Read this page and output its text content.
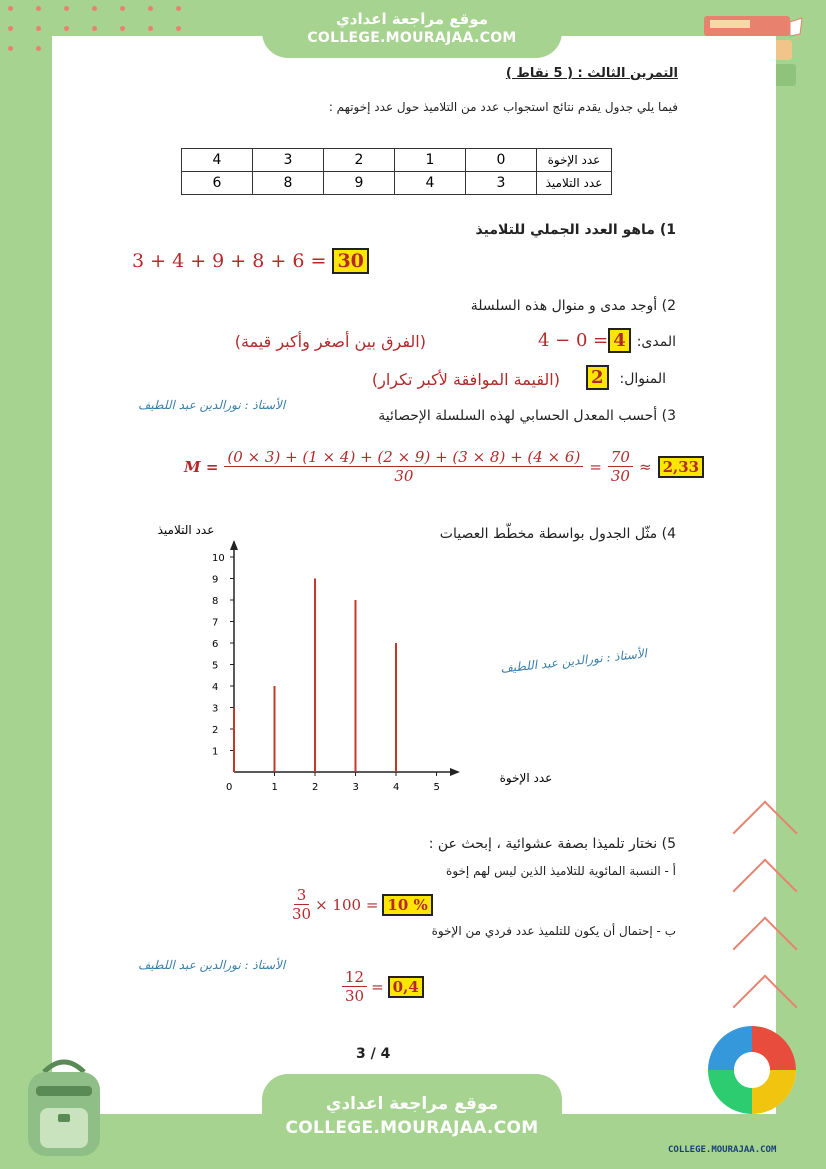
موقع مراجعة اعدادي
COLLEGE.MOURAJAA.COM
التمرين الثالث : ( 5 نقاط )
فيما يلي جدول يقدم نتائج استجواب عدد من التلاميذ حول عدد إخوتهم :
عدد الإخوة	0	1	2	3	4
عدد التلاميذ	3	4	9	8	6
1) ماهو العدد الجملي للتلاميذ
3 + 4 + 9 + 8 + 6 = 30
2) أوجد مدى و منوال هذه السلسلة
المدى:
4 − 0 = 4
(الفرق بين أصغر وأكبر قيمة)
المنوال:
2
(القيمة الموافقة لأكبر تكرار)
الأستاذ : نورالدين عبد اللطيف
3) أحسب المعدل الحسابي لهذه السلسلة الإحصائية
$M = \frac{(0 \times 3) + (1 \times 4) + (2 \times 9) + (3 \times 8) + (4 \times 6)}{30} = \frac{70}{30} \approx 2,33$
4) مثّل الجدول بواسطة مخطّط العصيات
عدد التلاميذ
عدد الإخوة
1
2
3
4
5
6
7
8
9
10
0	1	2	3	4	5
الأستاذ : نورالدين عبد اللطيف
5) نختار تلميذا بصفة عشوائية ، إبحث عن :
أ - النسبة المائوية للتلاميذ الذين ليس لهم إخوة
$\frac{3}{30} \times 100 = 10$ %
ب - إحتمال أن يكون للتلميذ عدد فردي من الإخوة
الأستاذ : نورالدين عبد اللطيف
$\frac{12}{30} = 0,4$
3 / 4
موقع مراجعة اعدادي
COLLEGE.MOURAJAA.COM
COLLEGE.MOURAJAA.COM
